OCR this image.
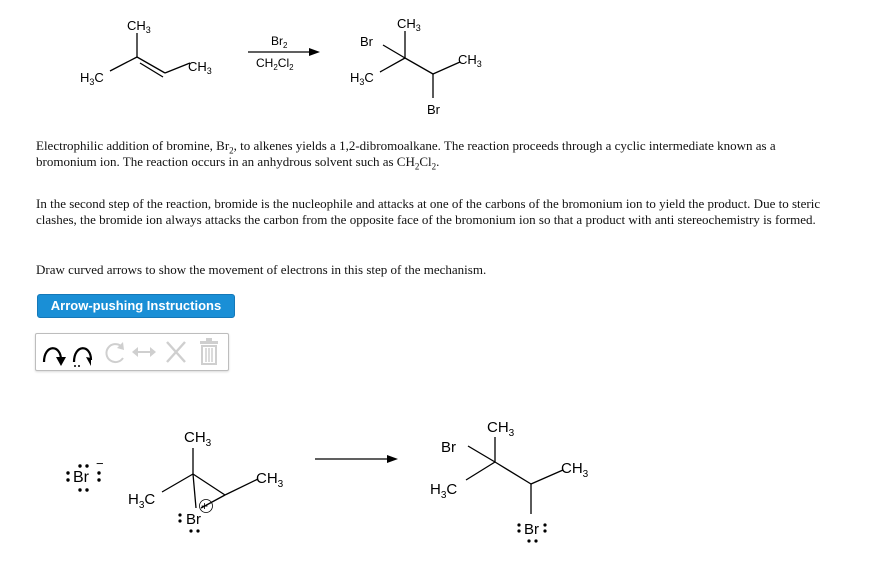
$CH_3$
$CH_3$
$H_3C$
$Br_2$
$CH_2Cl_2$
$CH_3$
Br
$CH_3$
$H_3C$
Br
Electrophilic addition of bromine, $Br_2$, to alkenes yields a 1,2-dibromoalkane. The reaction proceeds through a cyclic intermediate known as a bromonium ion. The reaction occurs in an anhydrous solvent such as $CH_2Cl_2$.
In the second step of the reaction, bromide is the nucleophile and attacks at one of the carbons of the bromonium ion to yield the product. Due to steric clashes, the bromide ion always attacks the carbon from the opposite face of the bromonium ion so that a product with anti stereochemistry is formed.
Draw curved arrows to show the movement of electrons in this step of the mechanism.
Arrow-pushing Instructions
Br
−
$CH_3$
$CH_3$
$H_3C$
Br
+
$CH_3$
Br
$CH_3$
$H_3C$
Br
